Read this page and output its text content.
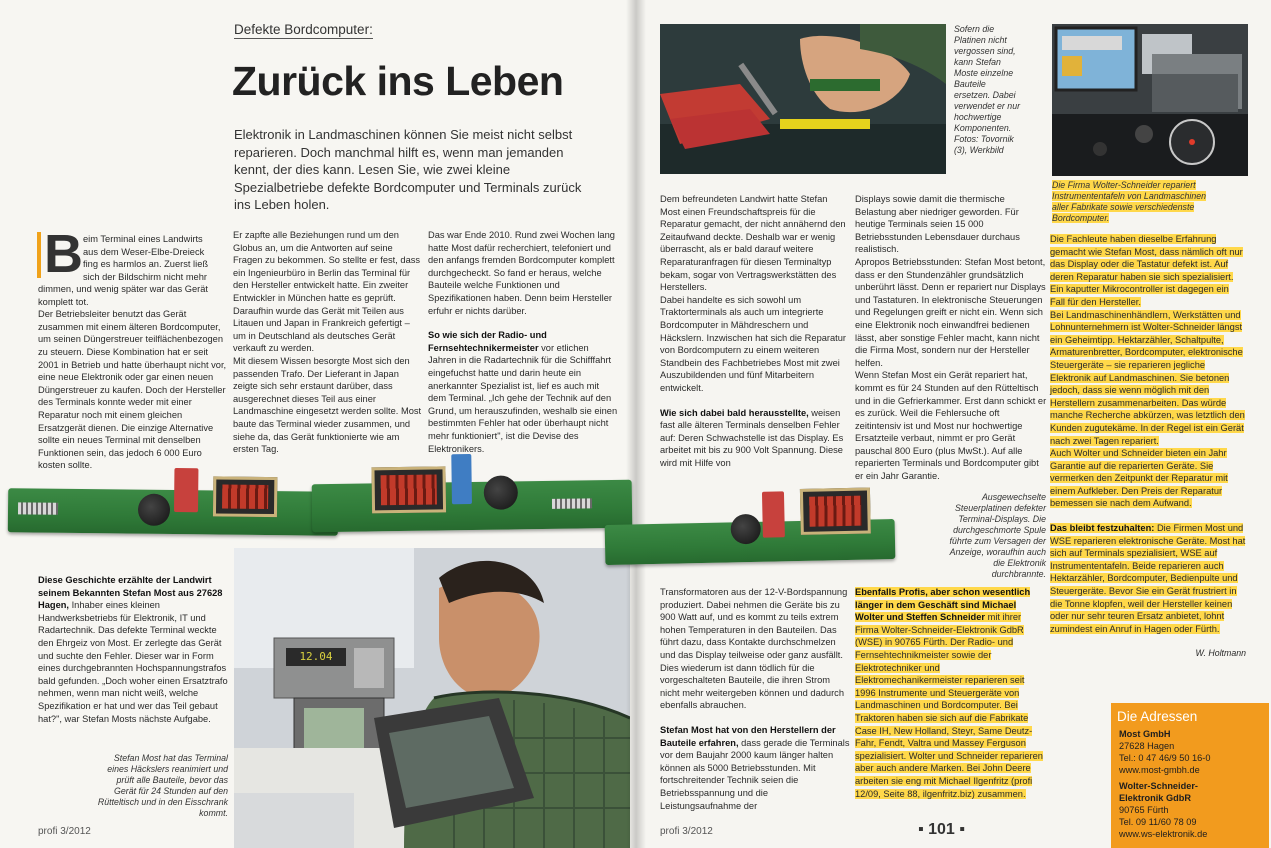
Defekte Bordcomputer:
Zurück ins Leben

Elektronik in Landmaschinen können Sie meist nicht selbst reparieren. Doch manchmal hilft es, wenn man jemanden kennt, der dies kann. Lesen Sie, wie zwei kleine Spezialbetriebe defekte Bordcomputer und Terminals zurück ins Leben holen.

B eim Terminal eines Landwirts
aus dem Weser-Elbe-Dreieck
fing es harmlos an. Zuerst ließ
sich der Bildschirm nicht mehr

dimmen, und wenig später war das Gerät komplett tot.

Der Betriebsleiter benutzt das Gerät zusammen mit einem älteren Bordcomputer, um seinen Düngerstreuer teilflächenbezogen zu steuern. Diese Kombination hat er seit 2001 in Betrieb und hatte überhaupt nicht vor, eine neue Elektronik oder gar einen neuen Düngerstreuer zu kaufen. Doch der Hersteller des Terminals konnte weder mit einer Reparatur noch mit einem gleichen Ersatzgerät dienen. Die einzige Alternative sollte ein neues Terminal mit denselben Funktionen sein, das jedoch 6 000 Euro kosten sollte.

Er zapfte alle Beziehungen rund um den Globus an, um die Antworten auf seine Fragen zu bekommen. So stellte er fest, dass ein Ingenieurbüro in Berlin das Terminal für den Hersteller entwickelt hatte. Ein zweiter Entwickler in München hatte es geprüft. Daraufhin wurde das Gerät mit Teilen aus Litauen und Japan in Frankreich gefertigt – um in Deutschland als deutsches Gerät verkauft zu werden.

Mit diesem Wissen besorgte Most sich den passenden Trafo. Der Lieferant in Japan zeigte sich sehr erstaunt darüber, dass ausgerechnet dieses Teil aus einer Landmaschine eingesetzt werden sollte. Most baute das Terminal wieder zusammen, und siehe da, das Gerät funktionierte wie am ersten Tag.

Das war Ende 2010. Rund zwei Wochen lang hatte Most dafür recherchiert, telefoniert und den anfangs fremden Bordcomputer komplett durchgecheckt. So fand er heraus, welche Bauteile welche Funktionen und Spezifikationen haben. Denn beim Hersteller erfuhr er nichts darüber.

So wie sich der Radio- und Fernsehtechnikermeister vor etlichen Jahren in die Radartechnik für die Schifffahrt eingefuchst hatte und darin heute ein anerkannter Spezialist ist, lief es auch mit dem Terminal. „Ich gehe der Technik auf den Grund, um herauszufinden, weshalb sie einen bestimmten Fehler hat oder überhaupt nicht mehr funktioniert", ist die Devise des Elektronikers.

12.04

Diese Geschichte erzählte der Landwirt seinem Bekannten Stefan Most aus 27628 Hagen, Inhaber eines kleinen Handwerksbetriebs für Elektronik, IT und Radartechnik. Das defekte Terminal weckte den Ehrgeiz von Most. Er zerlegte das Gerät und suchte den Fehler. Dieser war in Form eines durchgebrannten Hochspannungstrafos bald gefunden. „Doch woher einen Ersatztrafo nehmen, wenn man nicht weiß, welche Spezifikation er hat und wer das Teil gebaut hat?", war Stefan Mosts nächste Aufgabe.

Stefan Most hat das Terminal eines Häckslers reanimiert und prüft alle Bauteile, bevor das Gerät für 24 Stunden auf den Rütteltisch und in den Eisschrank kommt.
profi 3/2012
Sofern die Platinen nicht vergossen sind, kann Stefan Moste einzelne Bauteile ersetzen. Dabei verwendet er nur hochwertige Komponenten. Fotos: Tovornik (3), Werkbild
Die Firma Wolter-Schneider repariert Instrumententafeln von Landmaschinen aller Fabrikate sowie verschiedenste Bordcomputer.

Dem befreundeten Landwirt hatte Stefan Most einen Freundschaftspreis für die Reparatur gemacht, der nicht annähernd den Zeitaufwand deckte. Deshalb war er wenig überrascht, als er bald darauf weitere Reparaturanfragen für diesen Terminaltyp bekam, sogar von Vertragswerkstätten des Herstellers.

Dabei handelte es sich sowohl um Traktorterminals als auch um integrierte Bordcomputer in Mähdreschern und Häckslern. Inzwischen hat sich die Reparatur von Bordcomputern zu einem weiteren Standbein des Fachbetriebes Most mit zwei Auszubildenden und fünf Mitarbeitern entwickelt.

Wie sich dabei bald herausstellte, weisen fast alle älteren Terminals denselben Fehler auf: Deren Schwachstelle ist das Display. Es arbeitet mit bis zu 900 Volt Spannung. Diese wird mit Hilfe von

Displays sowie damit die thermische Belastung aber niedriger geworden. Für heutige Terminals seien 15 000 Betriebsstunden Lebensdauer durchaus realistisch.

Apropos Betriebsstunden: Stefan Most betont, dass er den Stundenzähler grundsätzlich unberührt lässt. Denn er repariert nur Displays und Tastaturen. In elektronische Steuerungen und Regelungen greift er nicht ein. Wenn sich eine Elektronik noch einwandfrei bedienen lässt, aber sonstige Fehler macht, kann nicht die Firma Most, sondern nur der Hersteller helfen.

Wenn Stefan Most ein Gerät repariert hat, kommt es für 24 Stunden auf den Rütteltisch und in die Gefrierkammer. Erst dann schickt er es zurück. Weil die Fehlersuche oft zeitintensiv ist und Most nur hochwertige Ersatzteile verbaut, nimmt er pro Gerät pauschal 800 Euro (plus MwSt.). Auf alle reparierten Terminals und Bordcomputer gibt er ein Jahr Garantie.

Ausgewechselte Steuerplatinen defekter Terminal-Displays. Die durchgeschmorte Spule führte zum Versagen der Anzeige, woraufhin auch die Elektronik durchbrannte.

Transformatoren aus der 12-V-Bordspannung produziert. Dabei nehmen die Geräte bis zu 900 Watt auf, und es kommt zu teils extrem hohen Temperaturen in den Bauteilen. Das führt dazu, dass Kontakte durchschmelzen und das Display teilweise oder ganz ausfällt. Dies wiederum ist dann tödlich für die vorgeschalteten Bauteile, die ihren Strom nicht mehr weitergeben können und dadurch ebenfalls abrauchen.

Stefan Most hat von den Herstellern der Bauteile erfahren, dass gerade die Terminals vor dem Baujahr 2000 kaum länger halten können als 5000 Betriebsstunden. Mit fortschreitender Technik seien die Betriebsspannung und die Leistungsaufnahme der

Ebenfalls Profis, aber schon wesentlich länger in dem Geschäft sind Michael Wolter und Steffen Schneider mit ihrer Firma Wolter-Schneider-Elektronik GdbR (WSE) in 90765 Fürth. Der Radio- und Fernsehtechnikmeister sowie der Elektrotechniker und Elektromechanikermeister reparieren seit 1996 Instrumente und Steuergeräte von Landmaschinen und Bordcomputer. Bei Traktoren haben sie sich auf die Fabrikate Case IH, New Holland, Steyr, Same Deutz-Fahr, Fendt, Valtra und Massey Ferguson spezialisiert. Wolter und Schneider reparieren aber auch andere Marken. Bei John Deere arbeiten sie eng mit Michael Ilgenfritz (profi 12/09, Seite 88, ilgenfritz.biz) zusammen.

Die Fachleute haben dieselbe Erfahrung gemacht wie Stefan Most, dass nämlich oft nur das Display oder die Tastatur defekt ist. Auf deren Reparatur haben sie sich spezialisiert. Ein kaputter Mikrocontroller ist dagegen ein Fall für den Hersteller.

Bei Landmaschinenhändlern, Werkstätten und Lohnunternehmern ist Wolter-Schneider längst ein Geheimtipp. Hektarzähler, Schaltpulte, Armaturenbretter, Bordcomputer, elektronische Steuergeräte – sie reparieren jegliche Elektronik auf Landmaschinen. Sie betonen jedoch, dass sie wenn möglich mit den Herstellern zusammenarbeiten. Das würde manche Recherche abkürzen, was letztlich den Kunden zugutekäme. In der Regel ist ein Gerät nach zwei Tagen repariert.

Auch Wolter und Schneider bieten ein Jahr Garantie auf die reparierten Geräte. Sie vermerken den Zeitpunkt der Reparatur mit einem Aufkleber. Den Preis der Reparatur bemessen sie nach dem Aufwand.

Das bleibt festzuhalten: Die Firmen Most und WSE reparieren elektronische Geräte. Most hat sich auf Terminals spezialisiert, WSE auf Instrumententafeln. Beide reparieren auch Hektarzähler, Bordcomputer, Bedienpulte und Steuergeräte. Bevor Sie ein Gerät frustriert in die Tonne klopfen, weil der Hersteller keinen oder nur sehr teuren Ersatz anbietet, lohnt zumindest ein Anruf in Hagen oder Fürth.

W. Holtmann
Die Adressen
Most GmbH
27628 Hagen
Tel.: 0 47 46/9 50 16-0
www.most-gmbh.de
Wolter-Schneider-
Elektronik GdbR
90765 Fürth
Tel. 09 11/60 78 09
www.ws-elektronik.de
profi 3/2012	▪ 101 ▪
